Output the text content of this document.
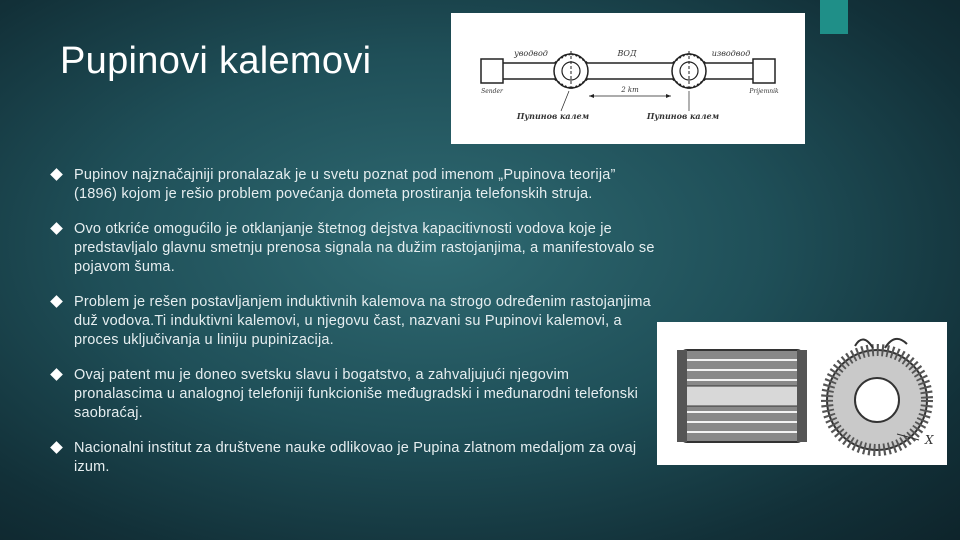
Pupinovi kalemovi
Pupinov najznačajniji pronalazak je u svetu poznat pod imenom „Pupinova teorija” (1896) kojom je rešio problem povećanja dometa prostiranja telefonskih struja.
Ovo otkriće omogućilo je otklanjanje štetnog dejstva kapacitivnosti vodova koje je predstavljalo glavnu smetnju prenosa signala na dužim rastojanjima, a manifestovalo se pojavom šuma.
Problem je rešen postavljanjem induktivnih kalemova na strogo određenim rastojanjima duž vodova.Ti induktivni kalemovi, u njegovu čast, nazvani su Pupinovi kalemovi, a proces uključivanja u liniju pupinizacija.
Ovaj patent mu je doneo svetsku slavu i bogatstvo, a zahvaljujući njegovim pronalascima u analognoj telefoniji funkcioniše međugradski i međunarodni telefonski saobraćaj.
Nacionalni institut za društvene nauke odlikovao je Pupina zlatnom medaljom za ovaj izum.
уводвод	ВОД	изводвод
Sender	Prijemnik
2 km
Пупинов калем	Пупинов калем
X
